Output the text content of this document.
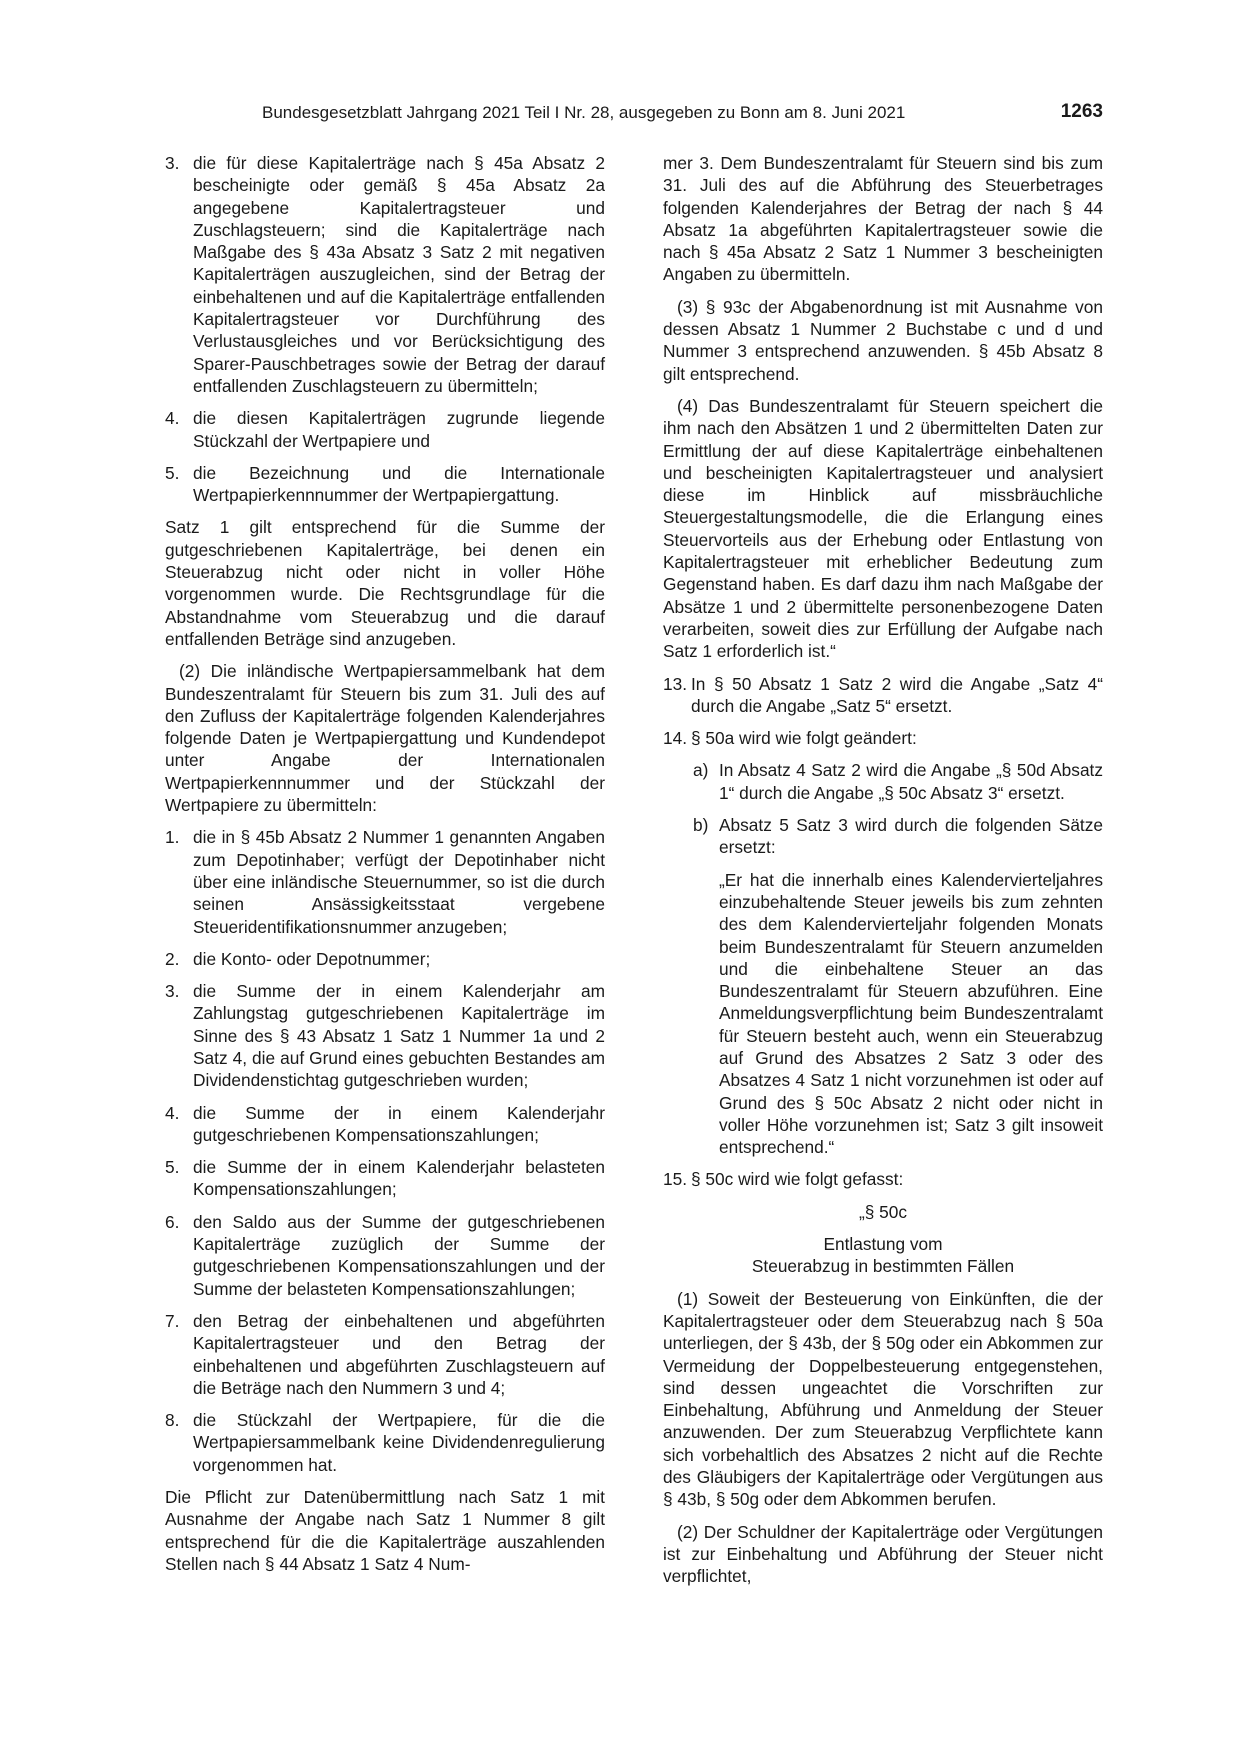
Bundesgesetzblatt Jahrgang 2021 Teil I Nr. 28, ausgegeben zu Bonn am 8. Juni 2021	1263
3. die für diese Kapitalerträge nach § 45a Absatz 2 bescheinigte oder gemäß § 45a Absatz 2a angegebene Kapitalertragsteuer und Zuschlagsteuern; sind die Kapitalerträge nach Maßgabe des § 43a Absatz 3 Satz 2 mit negativen Kapitalerträgen auszugleichen, sind der Betrag der einbehaltenen und auf die Kapitalerträge entfallenden Kapitalertragsteuer vor Durchführung des Verlustausgleiches und vor Berücksichtigung des Sparer-Pauschbetrages sowie der Betrag der darauf entfallenden Zuschlagsteuern zu übermitteln;
4. die diesen Kapitalerträgen zugrunde liegende Stückzahl der Wertpapiere und
5. die Bezeichnung und die Internationale Wertpapierkennnummer der Wertpapiergattung.

Satz 1 gilt entsprechend für die Summe der gutgeschriebenen Kapitalerträge, bei denen ein Steuerabzug nicht oder nicht in voller Höhe vorgenommen wurde. Die Rechtsgrundlage für die Abstandnahme vom Steuerabzug und die darauf entfallenden Beträge sind anzugeben.

(2) Die inländische Wertpapiersammelbank hat dem Bundeszentralamt für Steuern bis zum 31. Juli des auf den Zufluss der Kapitalerträge folgenden Kalenderjahres folgende Daten je Wertpapiergattung und Kundendepot unter Angabe der Internationalen Wertpapierkennnummer und der Stückzahl der Wertpapiere zu übermitteln:

1. die in § 45b Absatz 2 Nummer 1 genannten Angaben zum Depotinhaber; verfügt der Depotinhaber nicht über eine inländische Steuernummer, so ist die durch seinen Ansässigkeitsstaat vergebene Steueridentifikationsnummer anzugeben;
2. die Konto- oder Depotnummer;
3. die Summe der in einem Kalenderjahr am Zahlungstag gutgeschriebenen Kapitalerträge im Sinne des § 43 Absatz 1 Satz 1 Nummer 1a und 2 Satz 4, die auf Grund eines gebuchten Bestandes am Dividendenstichtag gutgeschrieben wurden;
4. die Summe der in einem Kalenderjahr gutgeschriebenen Kompensationszahlungen;
5. die Summe der in einem Kalenderjahr belasteten Kompensationszahlungen;
6. den Saldo aus der Summe der gutgeschriebenen Kapitalerträge zuzüglich der Summe der gutgeschriebenen Kompensationszahlungen und der Summe der belasteten Kompensationszahlungen;
7. den Betrag der einbehaltenen und abgeführten Kapitalertragsteuer und den Betrag der einbehaltenen und abgeführten Zuschlagsteuern auf die Beträge nach den Nummern 3 und 4;
8. die Stückzahl der Wertpapiere, für die die Wertpapiersammelbank keine Dividendenregulierung vorgenommen hat.

Die Pflicht zur Datenübermittlung nach Satz 1 mit Ausnahme der Angabe nach Satz 1 Nummer 8 gilt entsprechend für die die Kapitalerträge auszahlenden Stellen nach § 44 Absatz 1 Satz 4 Num-

mer 3. Dem Bundeszentralamt für Steuern sind bis zum 31. Juli des auf die Abführung des Steuerbetrages folgenden Kalenderjahres der Betrag der nach § 44 Absatz 1a abgeführten Kapitalertragsteuer sowie die nach § 45a Absatz 2 Satz 1 Nummer 3 bescheinigten Angaben zu übermitteln.

(3) § 93c der Abgabenordnung ist mit Ausnahme von dessen Absatz 1 Nummer 2 Buchstabe c und d und Nummer 3 entsprechend anzuwenden. § 45b Absatz 8 gilt entsprechend.

(4) Das Bundeszentralamt für Steuern speichert die ihm nach den Absätzen 1 und 2 übermittelten Daten zur Ermittlung der auf diese Kapitalerträge einbehaltenen und bescheinigten Kapitalertragsteuer und analysiert diese im Hinblick auf missbräuchliche Steuergestaltungsmodelle, die die Erlangung eines Steuervorteils aus der Erhebung oder Entlastung von Kapitalertragsteuer mit erheblicher Bedeutung zum Gegenstand haben. Es darf dazu ihm nach Maßgabe der Absätze 1 und 2 übermittelte personenbezogene Daten verarbeiten, soweit dies zur Erfüllung der Aufgabe nach Satz 1 erforderlich ist.“

13. In § 50 Absatz 1 Satz 2 wird die Angabe „Satz 4“ durch die Angabe „Satz 5“ ersetzt.
14. § 50a wird wie folgt geändert:
a) In Absatz 4 Satz 2 wird die Angabe „§ 50d Absatz 1“ durch die Angabe „§ 50c Absatz 3“ ersetzt.
b) Absatz 5 Satz 3 wird durch die folgenden Sätze ersetzt:

„Er hat die innerhalb eines Kalendervierteljahres einzubehaltende Steuer jeweils bis zum zehnten des dem Kalendervierteljahr folgenden Monats beim Bundeszentralamt für Steuern anzumelden und die einbehaltene Steuer an das Bundeszentralamt für Steuern abzuführen. Eine Anmeldungsverpflichtung beim Bundeszentralamt für Steuern besteht auch, wenn ein Steuerabzug auf Grund des Absatzes 2 Satz 3 oder des Absatzes 4 Satz 1 nicht vorzunehmen ist oder auf Grund des § 50c Absatz 2 nicht oder nicht in voller Höhe vorzunehmen ist; Satz 3 gilt insoweit entsprechend.“

15. § 50c wird wie folgt gefasst:

„§ 50c

Entlastung vom

Steuerabzug in bestimmten Fällen

(1) Soweit der Besteuerung von Einkünften, die der Kapitalertragsteuer oder dem Steuerabzug nach § 50a unterliegen, der § 43b, der § 50g oder ein Abkommen zur Vermeidung der Doppelbesteuerung entgegenstehen, sind dessen ungeachtet die Vorschriften zur Einbehaltung, Abführung und Anmeldung der Steuer anzuwenden. Der zum Steuerabzug Verpflichtete kann sich vorbehaltlich des Absatzes 2 nicht auf die Rechte des Gläubigers der Kapitalerträge oder Vergütungen aus § 43b, § 50g oder dem Abkommen berufen.

(2) Der Schuldner der Kapitalerträge oder Vergütungen ist zur Einbehaltung und Abführung der Steuer nicht verpflichtet,
